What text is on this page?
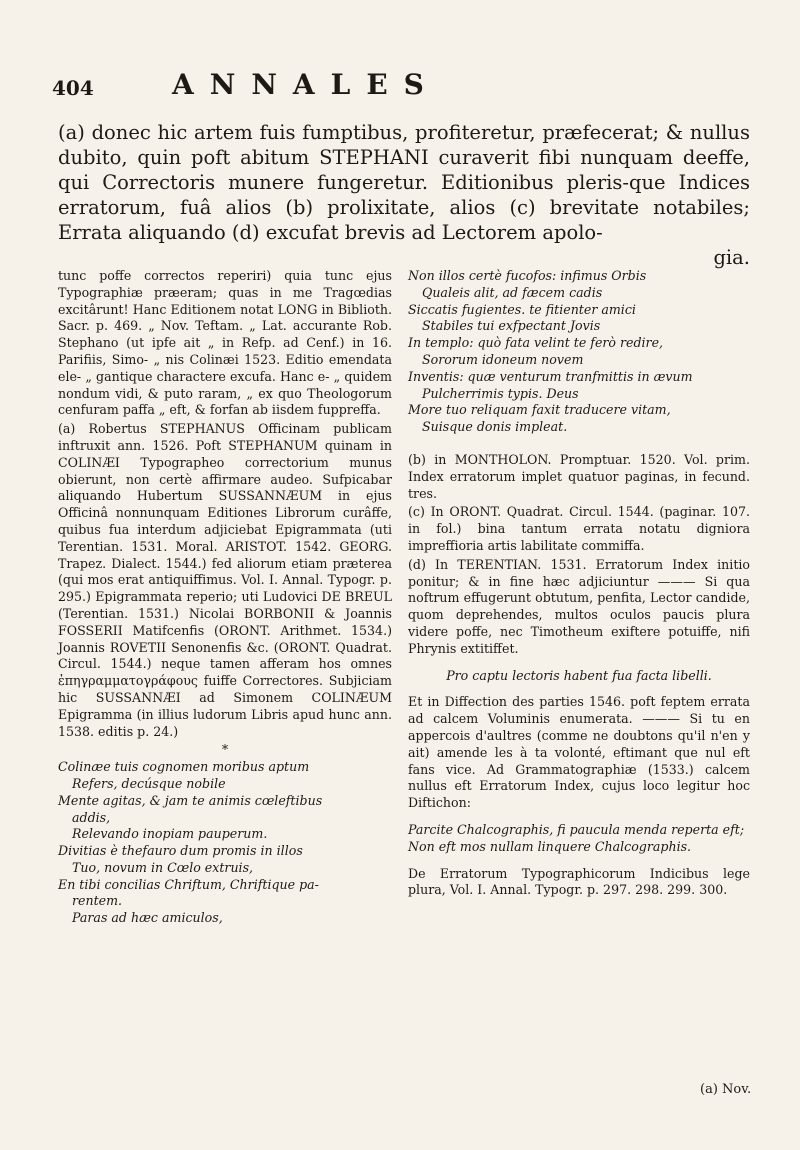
404	ANNALES

(a) donec hic artem fuis fumptibus, profiteretur, præfecerat; & nullus dubito, quin poft abitum STEPHANI curaverit fibi nunquam deeffe, qui Correctoris munere fungeretur. Editionibus pleris-que Indices erratorum, fuâ alios (b) prolixitate, alios (c) brevitate notabiles; Errata aliquando (d) excufat brevis ad Lectorem apolo-

gia.

tunc poffe correctos reperiri) quia tunc ejus Typographiæ præeram; quas in me Tragœdias excitârunt! Hanc Editionem notat LONG in Biblioth. Sacr. p. 469. „ Nov. Teftam. „ Lat. accurante Rob. Stephano (ut ipfe ait „ in Refp. ad Cenf.) in 16. Parifiis, Simo- „ nis Colinæi 1523. Editio emendata ele- „ gantique charactere excufa. Hanc e- „ quidem nondum vidi, & puto raram, „ ex quo Theologorum cenfuram paffa „ eft, & forfan ab iisdem fuppreffa.

(a) Robertus STEPHANUS Officinam publicam inftruxit ann. 1526. Poft STEPHANUM quinam in COLINÆI Typographeo correctorium munus obierunt, non certè affirmare audeo. Sufpicabar aliquando Hubertum SUSSANNÆUM in ejus Officinâ nonnunquam Editiones Librorum curâffe, quibus fua interdum adjiciebat Epigrammata (uti Terentian. 1531. Moral. ARISTOT. 1542. GEORG. Trapez. Dialect. 1544.) fed aliorum etiam præterea (qui mos erat antiquiffimus. Vol. I. Annal. Typogr. p. 295.) Epigrammata reperio; uti Ludovici DE BREUL (Terentian. 1531.) Nicolai BORBONII & Joannis FOSSERII Matifcenfis (ORONT. Arithmet. 1534.) Joannis ROVETII Senonenfis &c. (ORONT. Quadrat. Circul. 1544.) neque tamen afferam hos omnes ἐπηγραμματογράφους fuiffe Correctores. Subjiciam hic SUSSANNÆI ad Simonem COLINÆUM Epigramma (in illius ludorum Libris apud hunc ann. 1538. editis p. 24.)

*

Colinæe tuis cognomen moribus aptum
Refers, decúsque nobile
Mente agitas, & jam te animis cœleftibus
addis,
Relevando inopiam pauperum.
Divitias è thefauro dum promis in illos
Tuo, novum in Cœlo extruis,
En tibi concilias Chriftum, Chriftique pa-
rentem.
Paras ad hæc amiculos,
Non illos certè fucofos: infimus Orbis
Qualeis alit, ad fæcem cadis
Siccatis fugientes. te fitienter amici
Stabiles tui exfpectant Jovis
In templo: quò fata velint te ferò redire,
Sororum idoneum novem
Inventis: quæ venturum tranfmittis in ævum
Pulcherrimis typis. Deus
More tuo reliquam faxit traducere vitam,
Suisque donis impleat.

(b) in MONTHOLON. Promptuar. 1520. Vol. prim. Index erratorum implet quatuor paginas, in fecund. tres.

(c) In ORONT. Quadrat. Circul. 1544. (paginar. 107. in fol.) bina tantum errata notatu digniora impreffioria artis labilitate commiffa.

(d) In TERENTIAN. 1531. Erratorum Index initio ponitur; & in fine hæc adjiciuntur ——— Si qua noftrum effugerunt obtutum, penfita, Lector candide, quom deprehendes, multos oculos paucis plura videre poffe, nec Timotheum exiftere potuiffe, nifi Phrynis extitiffet.

Pro captu lectoris habent fua facta libelli.

Et in Diffection des parties 1546. poft feptem errata ad calcem Voluminis enumerata. ——— Si tu en appercois d'aultres (comme ne doubtons qu'il n'en y ait) amende les à ta volonté, eftimant que nul eft fans vice. Ad Grammatographiæ (1533.) calcem nullus eft Erratorum Index, cujus loco legitur hoc Diftichon:

Parcite Chalcographis, fi paucula menda reperta eft;
Non eft mos nullam linquere Chalcographis.

De Erratorum Typographicorum Indicibus lege plura, Vol. I. Annal. Typogr. p. 297. 298. 299. 300.

(a) Nov.
